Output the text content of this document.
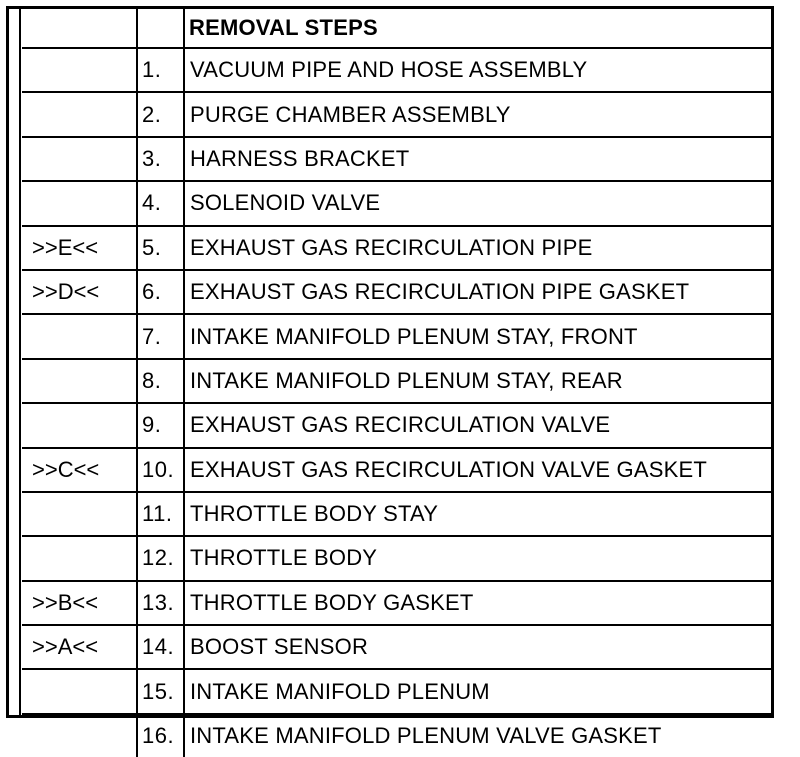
		REMOVAL STEPS
	1.	VACUUM PIPE AND HOSE ASSEMBLY
	2.	PURGE CHAMBER ASSEMBLY
	3.	HARNESS BRACKET
	4.	SOLENOID VALVE
>>E<<	5.	EXHAUST GAS RECIRCULATION PIPE
>>D<<	6.	EXHAUST GAS RECIRCULATION PIPE GASKET
	7.	INTAKE MANIFOLD PLENUM STAY, FRONT
	8.	INTAKE MANIFOLD PLENUM STAY, REAR
	9.	EXHAUST GAS RECIRCULATION VALVE
>>C<<	10.	EXHAUST GAS RECIRCULATION VALVE GASKET
	11.	THROTTLE BODY STAY
	12.	THROTTLE BODY
>>B<<	13.	THROTTLE BODY GASKET
>>A<<	14.	BOOST SENSOR
	15.	INTAKE MANIFOLD PLENUM
	16.	INTAKE MANIFOLD PLENUM VALVE GASKET
